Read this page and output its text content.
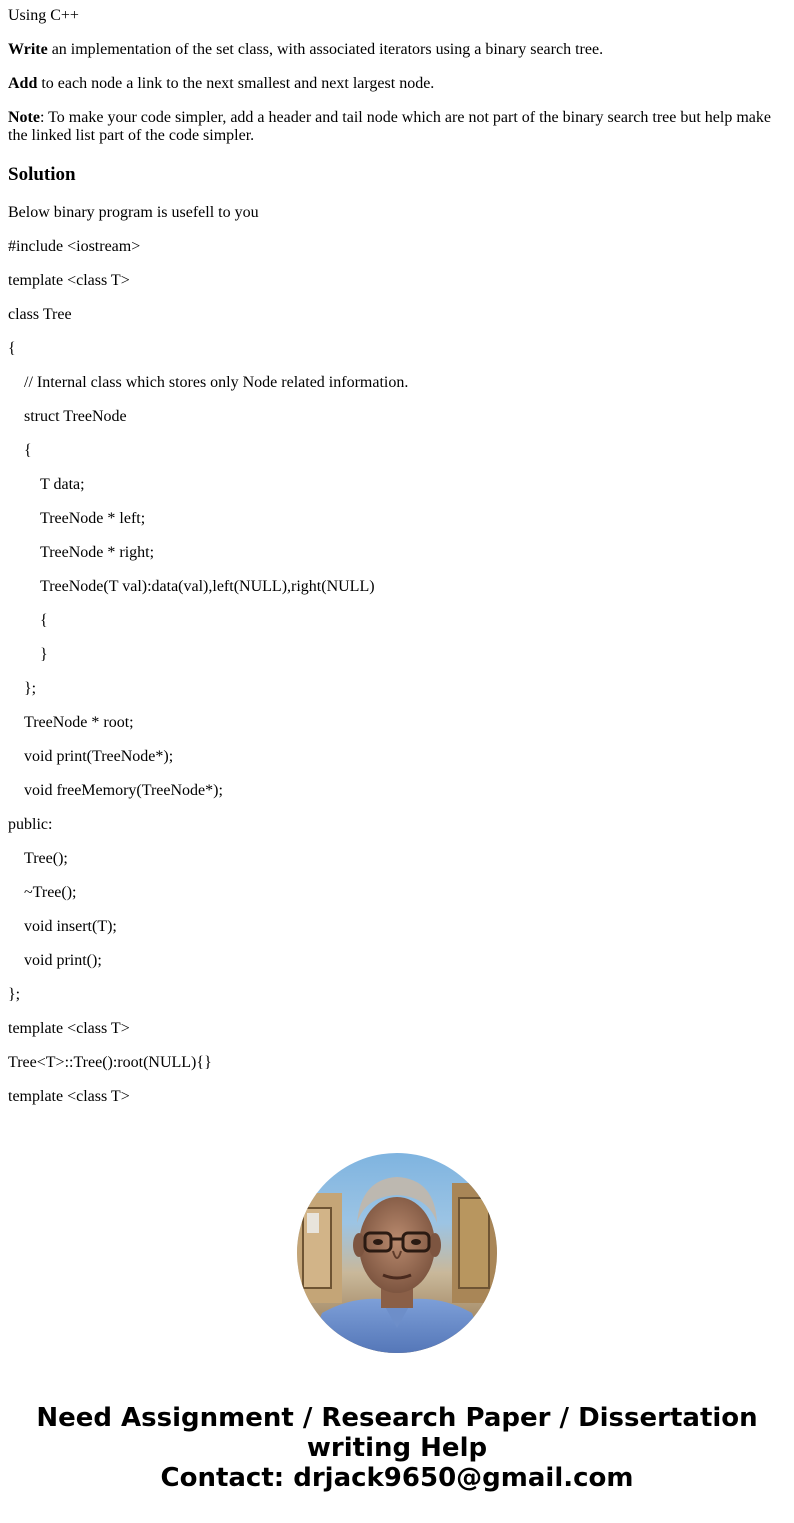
Using C++

Write an implementation of the set class, with associated iterators using a binary search tree.

Add to each node a link to the next smallest and next largest node.

Note: To make your code simpler, add a header and tail node which are not part of the binary search tree but help make the linked list part of the code simpler.

Solution

Below binary program is usefell to you

#include <iostream>

template <class T>

class Tree

{

// Internal class which stores only Node related information.

struct TreeNode

{

T data;

TreeNode * left;

TreeNode * right;

TreeNode(T val):data(val),left(NULL),right(NULL)

{

}

};

TreeNode * root;

void print(TreeNode*);

void freeMemory(TreeNode*);

public:

Tree();

~Tree();

void insert(T);

void print();

};

template <class T>

Tree<T>::Tree():root(NULL){}

template <class T>

Need Assignment / Research Paper / Dissertation
writing Help
Contact: drjack9650@gmail.com
